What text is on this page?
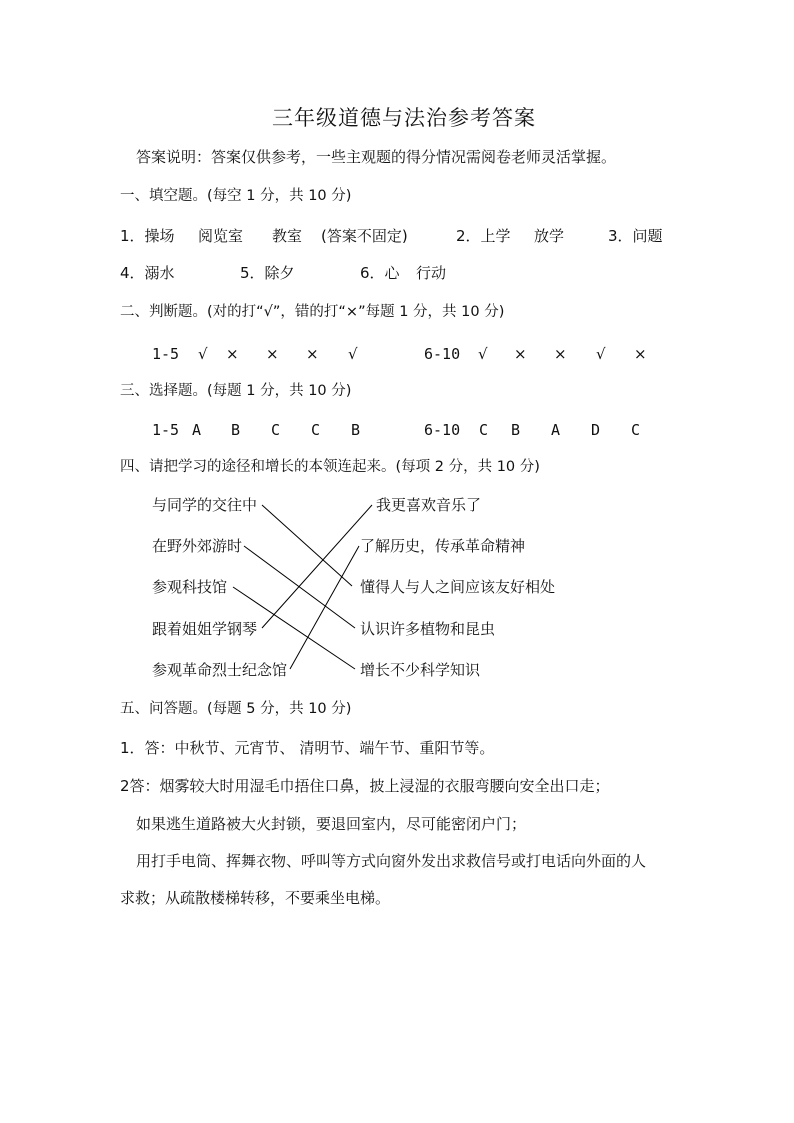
三年级道德与法治参考答案
答案说明：答案仅供参考，一些主观题的得分情况需阅卷老师灵活掌握。
一、填空题。(每空 1 分，共 10 分)
1．操场 阅览室 教室 (答案不固定)	2．上学 放学	3．问题
4．溺水	5．除夕	6．心 行动
二、判断题。(对的打“√”，错的打“×”每题 1 分，共 10 分)
1-5 √ × × × √	6-10 √ × × √ ×
三、选择题。(每题 1 分，共 10 分)
1-5 A B C C B	6-10 C B A D C
四、请把学习的途径和增长的本领连起来。(每项 2 分，共 10 分)
与同学的交往中
在野外郊游时
参观科技馆
跟着姐姐学钢琴
参观革命烈士纪念馆
我更喜欢音乐了
了解历史，传承革命精神
懂得人与人之间应该友好相处
认识许多植物和昆虫
增长不少科学知识
五、问答题。(每题 5 分，共 10 分)
1．答：中秋节、元宵节、 清明节、端午节、重阳节等。
2答：烟雾较大时用湿毛巾捂住口鼻，披上浸湿的衣服弯腰向安全出口走；
如果逃生道路被大火封锁，要退回室内，尽可能密闭户门；
用打手电筒、挥舞衣物、呼叫等方式向窗外发出求救信号或打电话向外面的人
求救；从疏散楼梯转移，不要乘坐电梯。
